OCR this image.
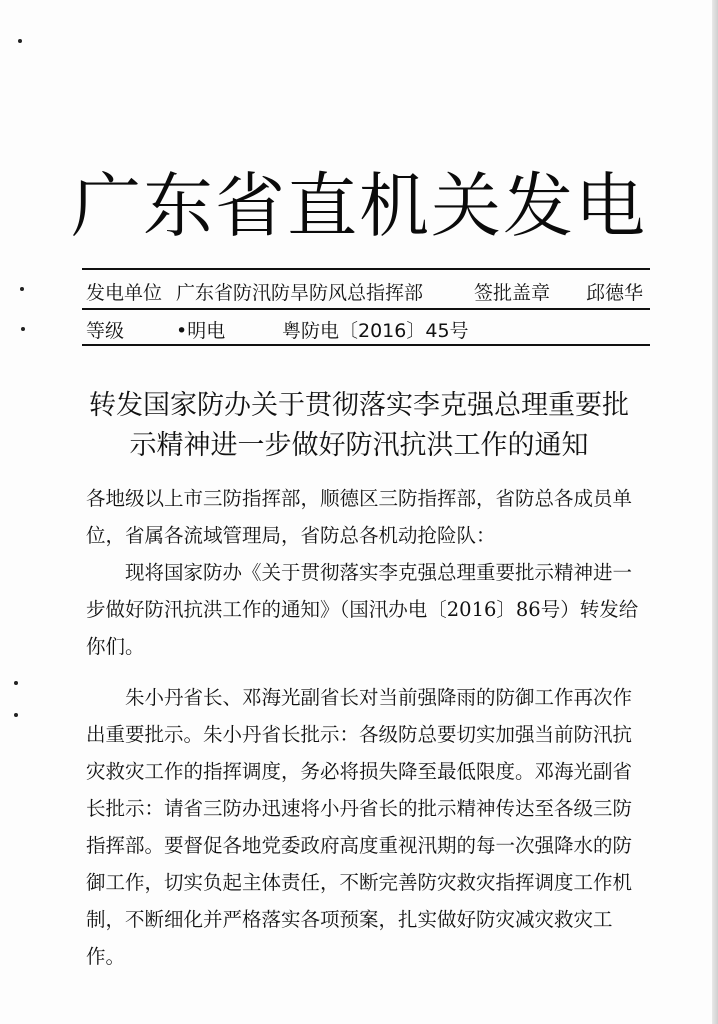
广东省直机关发电
发电单位 广东省防汛防旱防风总指挥部	签批盖章 邱德华
等级	•明电	粤防电〔2016〕45号
转发国家防办关于贯彻落实李克强总理重要批
示精神进一步做好防汛抗洪工作的通知

各地级以上市三防指挥部，顺德区三防指挥部，省防总各成员单位，省属各流域管理局，省防总各机动抢险队：

现将国家防办《关于贯彻落实李克强总理重要批示精神进一步做好防汛抗洪工作的通知》（国汛办电〔2016〕86号）转发给你们。

朱小丹省长、邓海光副省长对当前强降雨的防御工作再次作出重要批示。朱小丹省长批示：各级防总要切实加强当前防汛抗灾救灾工作的指挥调度，务必将损失降至最低限度。邓海光副省长批示：请省三防办迅速将小丹省长的批示精神传达至各级三防指挥部。要督促各地党委政府高度重视汛期的每一次强降水的防御工作，切实负起主体责任，不断完善防灾救灾指挥调度工作机制，不断细化并严格落实各项预案，扎实做好防灾减灾救灾工作。
